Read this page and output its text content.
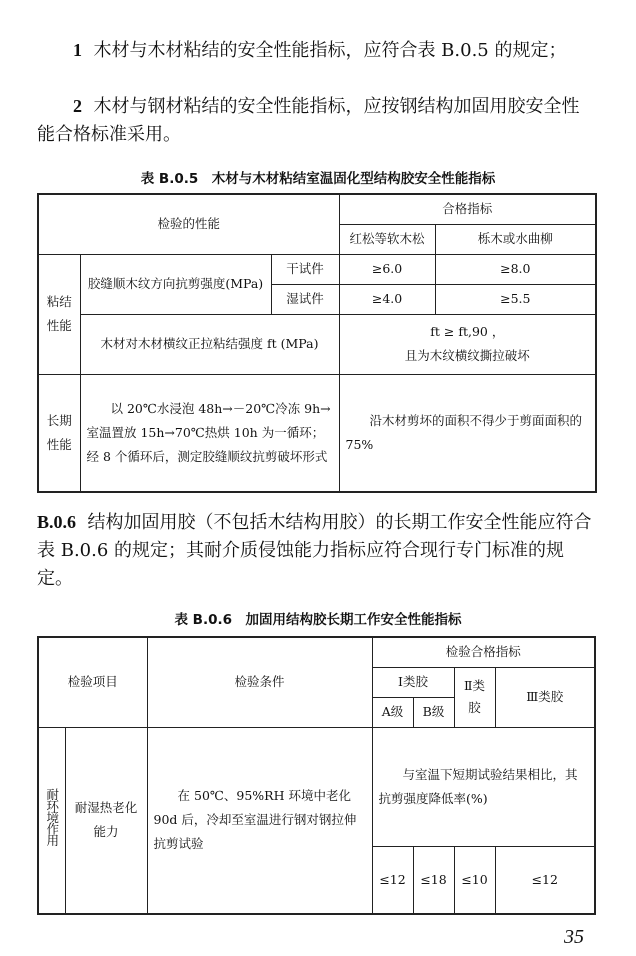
1 木材与木材粘结的安全性能指标，应符合表 B.0.5 的规定；
2 木材与钢材粘结的安全性能指标，应按钢结构加固用胶安全性能合格标准采用。
表 B.0.5　木材与木材粘结室温固化型结构胶安全性能指标
检验的性能			合格指标	
			红松等软木松	栎木或水曲柳
粘结性能	胶缝顺木纹方向抗剪强度(MPa)	干试件	≥6.0	≥8.0
		湿试件	≥4.0	≥5.5
	木材对木材横纹正拉粘结强度 ft (MPa)		ft ≥ ft,90 ，
且为木纹横纹撕拉破坏	

长期性能	以 20℃水浸泡 48h→－20℃冷冻 9h→室温置放 15h→70℃热烘 10h 为一循环；经 8 个循环后，测定胶缝顺纹抗剪破坏形式		沿木材剪坏的面积不得少于剪面面积的 75%	
B.0.6 结构加固用胶（不包括木结构用胶）的长期工作安全性能应符合表 B.0.6 的规定；其耐介质侵蚀能力指标应符合现行专门标准的规定。
表 B.0.6　加固用结构胶长期工作安全性能指标
检验项目		检验条件	检验合格指标			
			Ⅰ类胶		Ⅱ类胶	Ⅲ类胶
			A级	B级		
耐环境作用	耐湿热老化能力	在 50℃、95%RH 环境中老化 90d 后，冷却至室温进行钢对钢拉伸抗剪试验	与室温下短期试验结果相比，其抗剪强度降低率(%)			
			≤12	≤18	≤10	≤12
35
